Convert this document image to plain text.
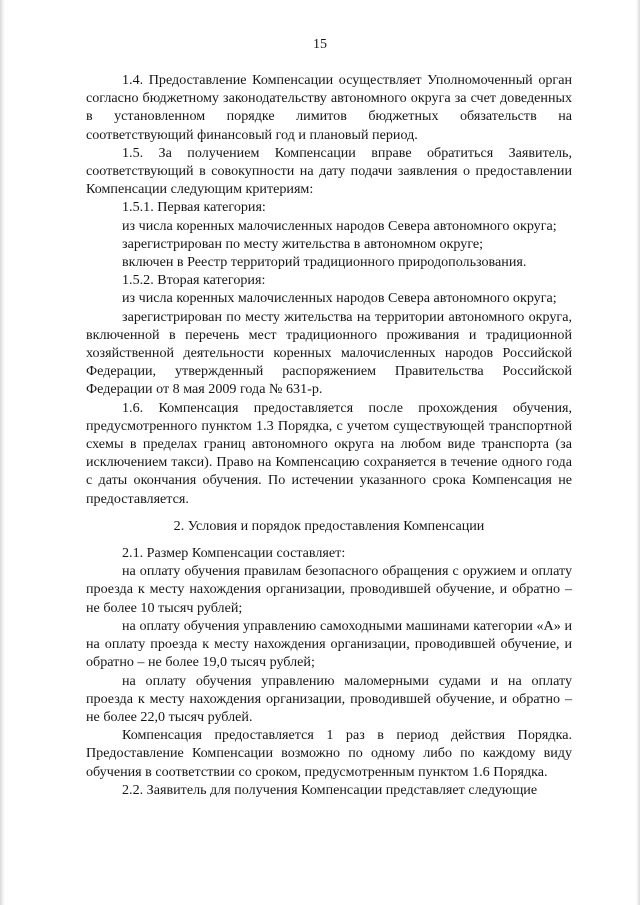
15

1.4. Предоставление Компенсации осуществляет Уполномоченный орган согласно бюджетному законодательству автономного округа за счет доведенных в установленном порядке лимитов бюджетных обязательств на соответствующий финансовый год и плановый период.

1.5. За получением Компенсации вправе обратиться Заявитель, соответствующий в совокупности на дату подачи заявления о предоставлении Компенсации следующим критериям:

1.5.1. Первая категория:

из числа коренных малочисленных народов Севера автономного округа;

зарегистрирован по месту жительства в автономном округе;

включен в Реестр территорий традиционного природопользования.

1.5.2. Вторая категория:

из числа коренных малочисленных народов Севера автономного округа;

зарегистрирован по месту жительства на территории автономного округа, включенной в перечень мест традиционного проживания и традиционной хозяйственной деятельности коренных малочисленных народов Российской Федерации, утвержденный распоряжением Правительства Российской Федерации от 8 мая 2009 года № 631-р.

1.6. Компенсация предоставляется после прохождения обучения, предусмотренного пунктом 1.3 Порядка, с учетом существующей транспортной схемы в пределах границ автономного округа на любом виде транспорта (за исключением такси). Право на Компенсацию сохраняется в течение одного года с даты окончания обучения. По истечении указанного срока Компенсация не предоставляется.

2. Условия и порядок предоставления Компенсации

2.1. Размер Компенсации составляет:

на оплату обучения правилам безопасного обращения с оружием и оплату проезда к месту нахождения организации, проводившей обучение, и обратно – не более 10 тысяч рублей;

на оплату обучения управлению самоходными машинами категории «А» и на оплату проезда к месту нахождения организации, проводившей обучение, и обратно – не более 19,0 тысяч рублей;

на оплату обучения управлению маломерными судами и на оплату проезда к месту нахождения организации, проводившей обучение, и обратно – не более 22,0 тысяч рублей.

Компенсация предоставляется 1 раз в период действия Порядка. Предоставление Компенсации возможно по одному либо по каждому виду обучения в соответствии со сроком, предусмотренным пунктом 1.6 Порядка.

2.2. Заявитель для получения Компенсации представляет следующие
